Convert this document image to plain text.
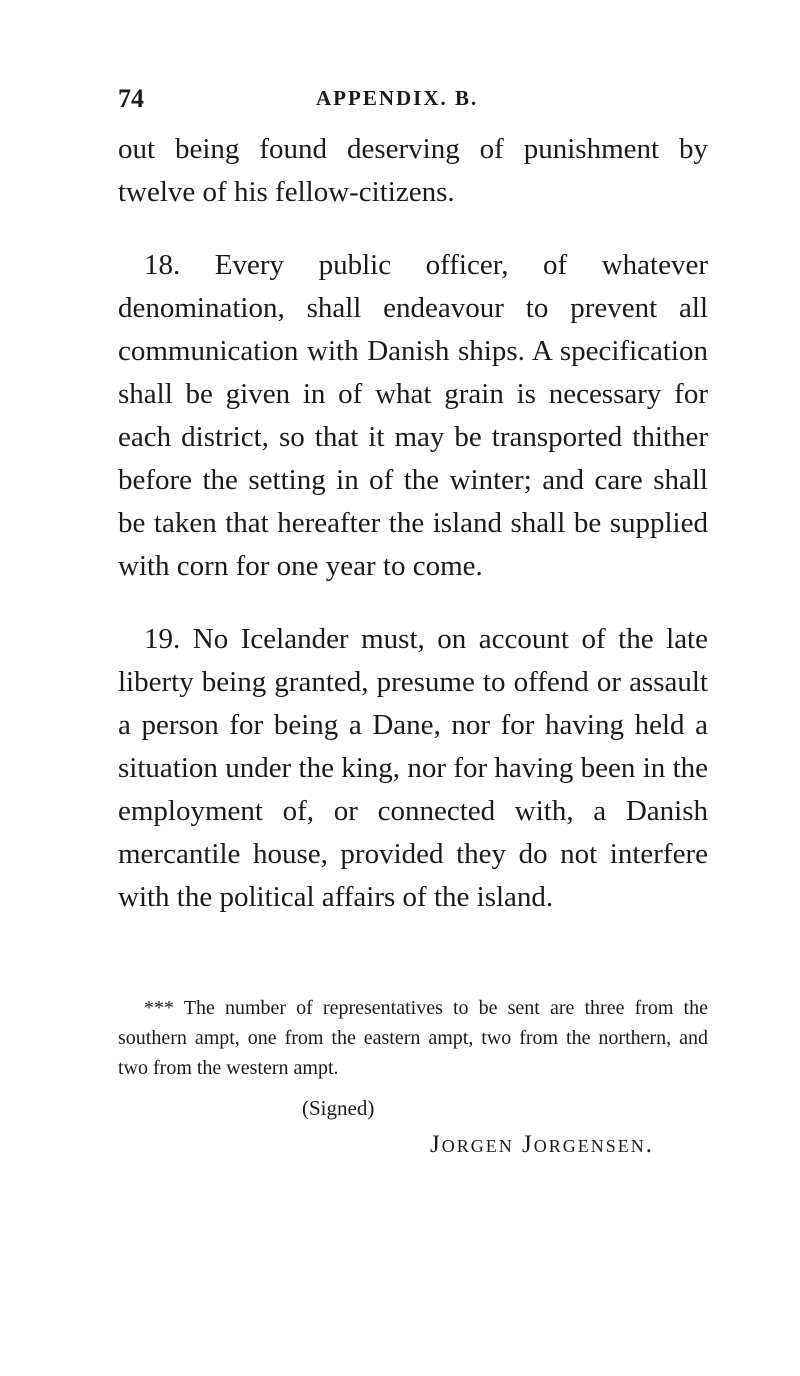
74	APPENDIX. B.

out being found deserving of punishment by twelve of his fellow-citizens.

18. Every public officer, of whatever denomination, shall endeavour to prevent all communication with Danish ships. A specification shall be given in of what grain is necessary for each district, so that it may be transported thither before the setting in of the winter; and care shall be taken that hereafter the island shall be supplied with corn for one year to come.

19. No Icelander must, on account of the late liberty being granted, presume to offend or assault a person for being a Dane, nor for having held a situation under the king, nor for having been in the employment of, or connected with, a Danish mercantile house, provided they do not interfere with the political affairs of the island.

*** The number of representatives to be sent are three from the southern ampt, one from the eastern ampt, two from the northern, and two from the western ampt.

(Signed)
Jorgen Jorgensen.
